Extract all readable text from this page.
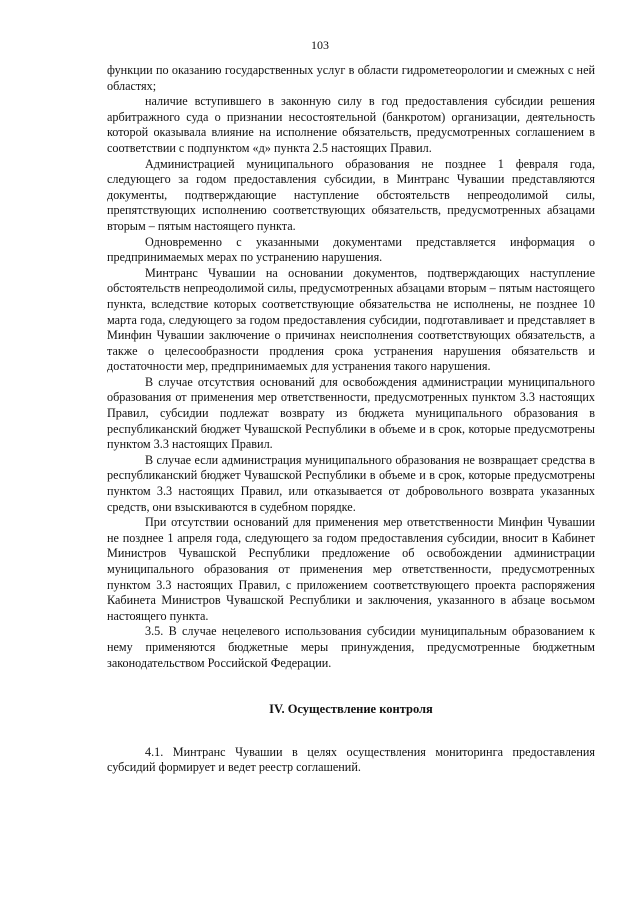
103

функции по оказанию государственных услуг в области гидрометеорологии и смежных с ней областях;

наличие вступившего в законную силу в год предоставления субсидии решения арбитражного суда о признании несостоятельной (банкротом) организации, деятельность которой оказывала влияние на исполнение обязательств, предусмотренных соглашением в соответствии с подпунктом «д» пункта 2.5 настоящих Правил.

Администрацией муниципального образования не позднее 1 февраля года, следующего за годом предоставления субсидии, в Минтранс Чувашии представляются документы, подтверждающие наступление обстоятельств непреодолимой силы, препятствующих исполнению соответствующих обязательств, предусмотренных абзацами вторым – пятым настоящего пункта.

Одновременно с указанными документами представляется информация о предпринимаемых мерах по устранению нарушения.

Минтранс Чувашии на основании документов, подтверждающих наступление обстоятельств непреодолимой силы, предусмотренных абзацами вторым – пятым настоящего пункта, вследствие которых соответствующие обязательства не исполнены, не позднее 10 марта года, следующего за годом предоставления субсидии, подготавливает и представляет в Минфин Чувашии заключение о причинах неисполнения соответствующих обязательств, а также о целесообразности продления срока устранения нарушения обязательств и достаточности мер, предпринимаемых для устранения такого нарушения.

В случае отсутствия оснований для освобождения администрации муниципального образования от применения мер ответственности, предусмотренных пунктом 3.3 настоящих Правил, субсидии подлежат возврату из бюджета муниципального образования в республиканский бюджет Чувашской Республики в объеме и в срок, которые предусмотрены пунктом 3.3 настоящих Правил.

В случае если администрация муниципального образования не возвращает средства в республиканский бюджет Чувашской Республики в объеме и в срок, которые предусмотрены пунктом 3.3 настоящих Правил, или отказывается от добровольного возврата указанных средств, они взыскиваются в судебном порядке.

При отсутствии оснований для применения мер ответственности Минфин Чувашии не позднее 1 апреля года, следующего за годом предоставления субсидии, вносит в Кабинет Министров Чувашской Республики предложение об освобождении администрации муниципального образования от применения мер ответственности, предусмотренных пунктом 3.3 настоящих Правил, с приложением соответствующего проекта распоряжения Кабинета Министров Чувашской Республики и заключения, указанного в абзаце восьмом настоящего пункта.

3.5. В случае нецелевого использования субсидии муниципальным образованием к нему применяются бюджетные меры принуждения, предусмотренные бюджетным законодательством Российской Федерации.

IV. Осуществление контроля

4.1. Минтранс Чувашии в целях осуществления мониторинга предоставления субсидий формирует и ведет реестр соглашений.
